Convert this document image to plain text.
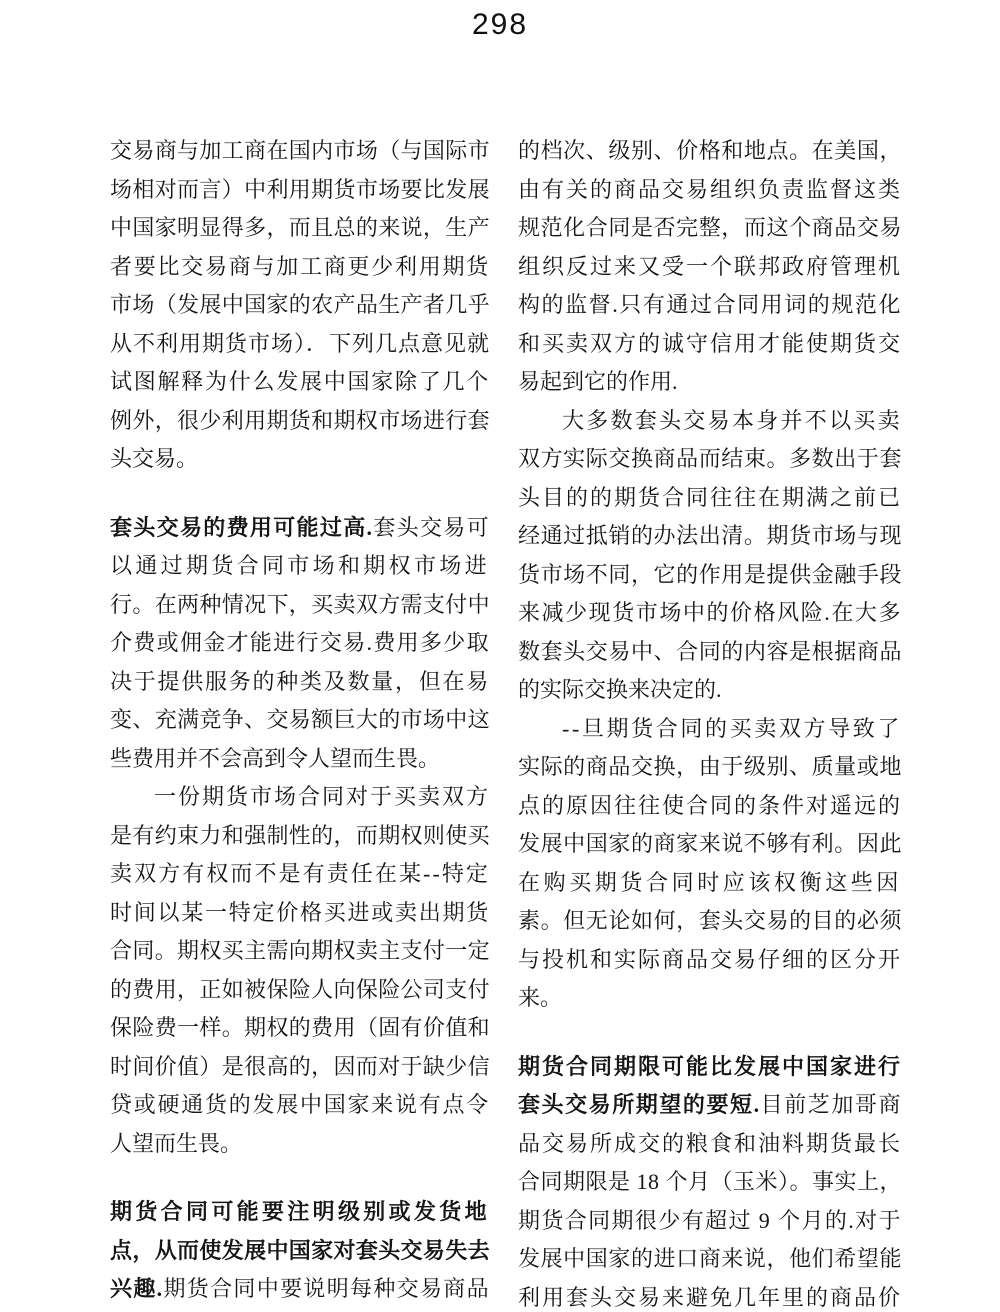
298
交易商与加工商在国内市场（与国际市
场相对而言）中利用期货市场要比发展
中国家明显得多，而且总的来说，生产
者要比交易商与加工商更少利用期货
市场（发展中国家的农产品生产者几乎
从不利用期货市场）．下列几点意见就
试图解释为什么发展中国家除了几个
例外，很少利用期货和期权市场进行套
头交易。
套头交易的费用可能过高.套头交易可
以通过期货合同市场和期权市场进
行。在两种情况下，买卖双方需支付中
介费或佣金才能进行交易.费用多少取
决于提供服务的种类及数量，但在易
变、充满竞争、交易额巨大的市场中这
些费用并不会高到令人望而生畏。
一份期货市场合同对于买卖双方
是有约束力和强制性的，而期权则使买
卖双方有权而不是有责任在某--特定
时间以某一特定价格买进或卖出期货
合同。期权买主需向期权卖主支付一定
的费用，正如被保险人向保险公司支付
保险费一样。期权的费用（固有价值和
时间价值）是很高的，因而对于缺少信
贷或硬通货的发展中国家来说有点令
人望而生畏。
期货合同可能要注明级别或发货地
点，从而使发展中国家对套头交易失去
兴趣.期货合同中要说明每种交易商品
的档次、级别、价格和地点。在美国，
由有关的商品交易组织负责监督这类
规范化合同是否完整，而这个商品交易
组织反过来又受一个联邦政府管理机
构的监督.只有通过合同用词的规范化
和买卖双方的诚守信用才能使期货交
易起到它的作用.
大多数套头交易本身并不以买卖
双方实际交换商品而结束。多数出于套
头目的的期货合同往往在期满之前已
经通过抵销的办法出清。期货市场与现
货市场不同，它的作用是提供金融手段
来减少现货市场中的价格风险.在大多
数套头交易中、合同的内容是根据商品
的实际交换来决定的.
--旦期货合同的买卖双方导致了
实际的商品交换，由于级别、质量或地
点的原因往往使合同的条件对遥远的
发展中国家的商家来说不够有利。因此
在购买期货合同时应该权衡这些因
素。但无论如何，套头交易的目的必须
与投机和实际商品交易仔细的区分开
来。
期货合同期限可能比发展中国家进行
套头交易所期望的要短.目前芝加哥商
品交易所成交的粮食和油料期货最长
合同期限是 18 个月（玉米）。事实上，
期货合同期很少有超过 9 个月的.对于
发展中国家的进口商来说，他们希望能
利用套头交易来避免几年里的商品价
